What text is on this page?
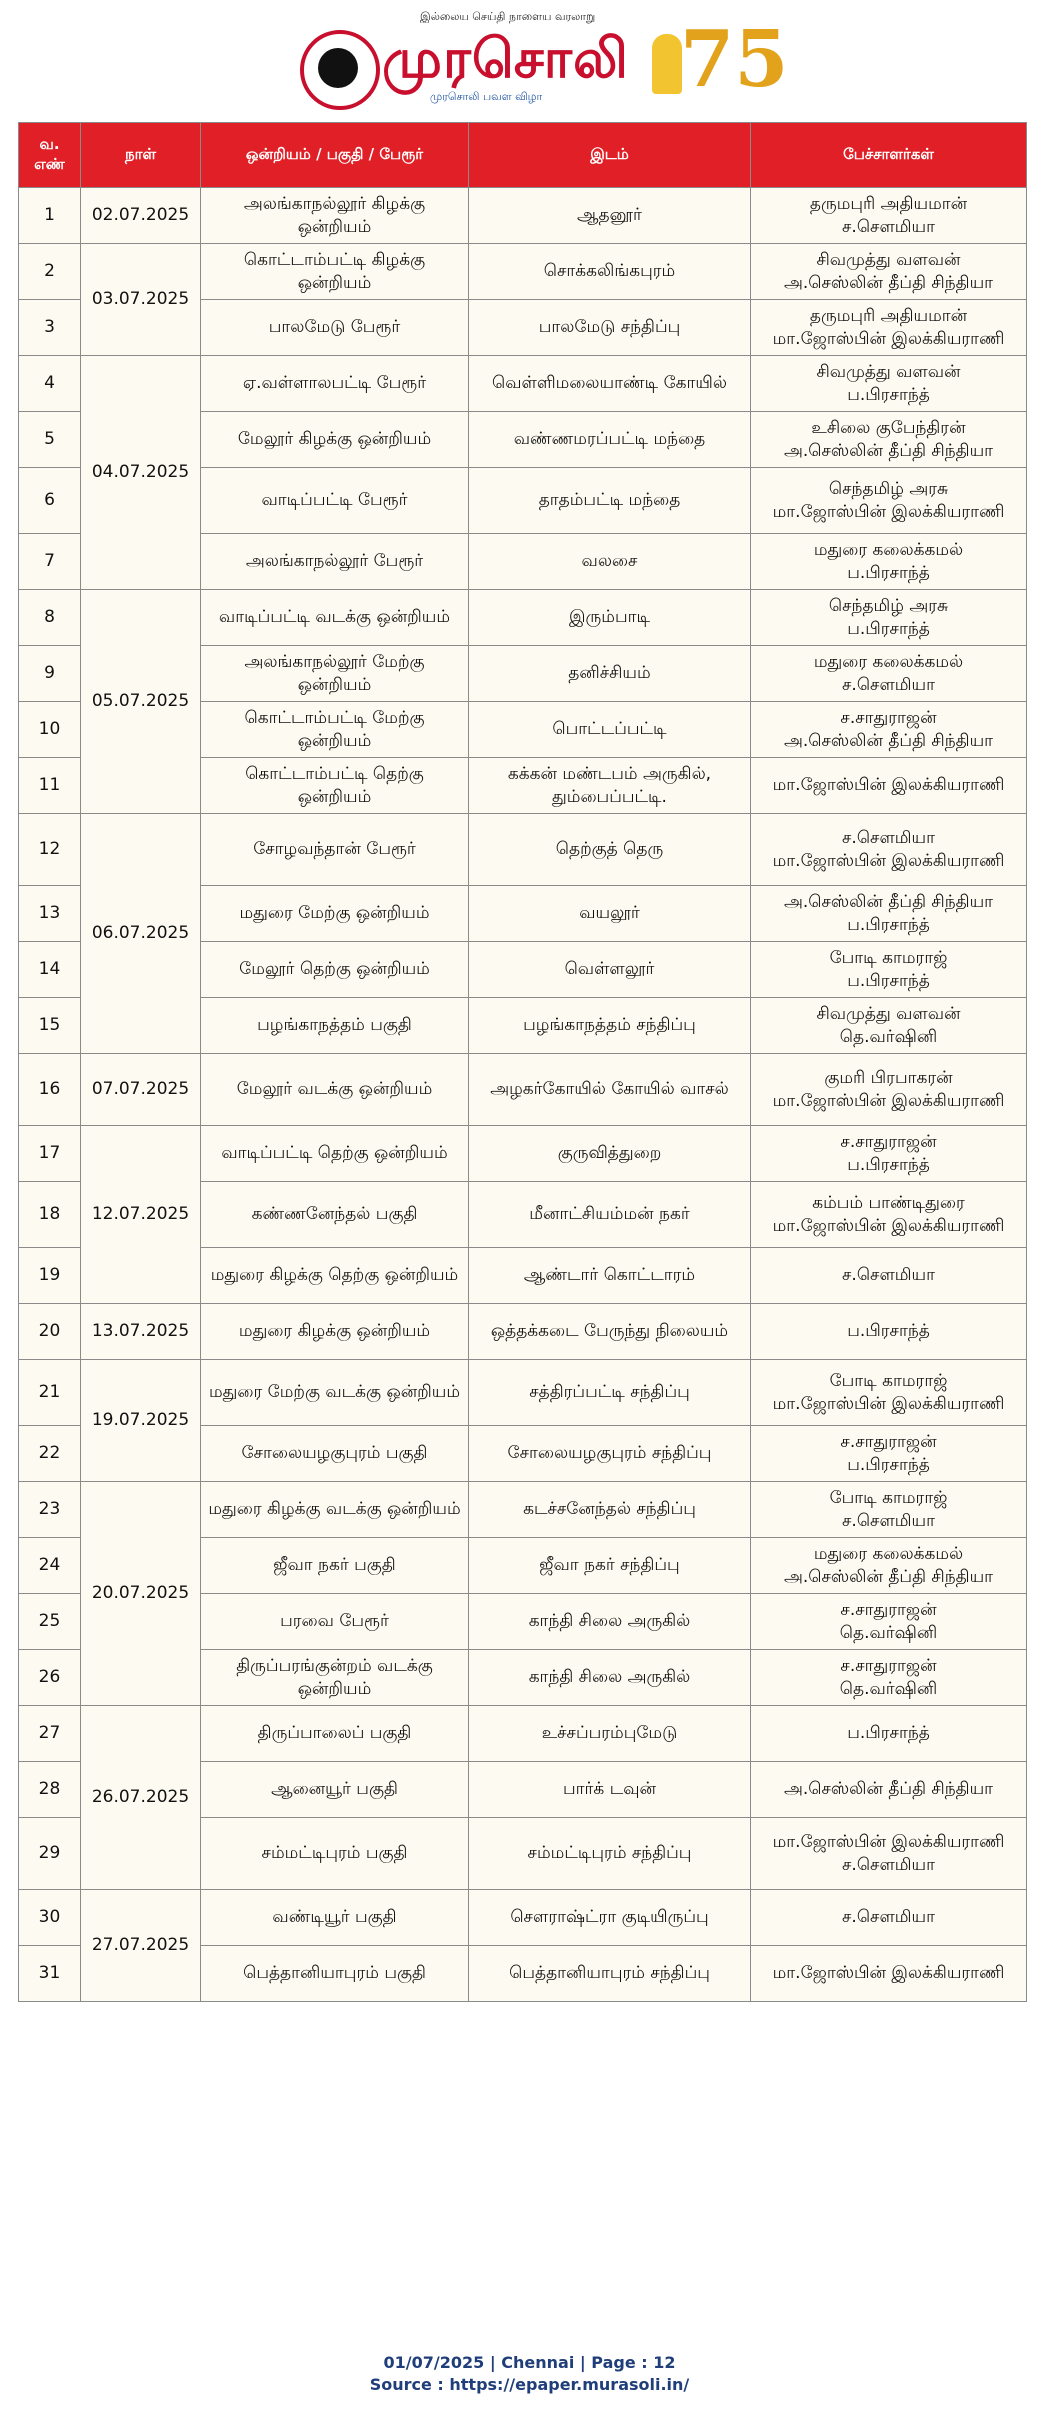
இல்லைய செய்தி நாளைய வரலாறு
முரசொலி
முரசொலி பவள விழா 75
வ. எண்	நாள்	ஒன்றியம் / பகுதி / பேரூர்	இடம்	பேச்சாளர்கள்
1	02.07.2025	அலங்காநல்லூர் கிழக்கு ஒன்றியம்	ஆதனூர்	தருமபுரி அதியமான்
ச.சௌமியா

2	03.07.2025	கொட்டாம்பட்டி கிழக்கு ஒன்றியம்	சொக்கலிங்கபுரம்	சிவமுத்து வளவன்
அ.செஸ்லின் தீப்தி சிந்தியா

3		பாலமேடு பேரூர்	பாலமேடு சந்திப்பு	தருமபுரி அதியமான்
மா.ஜோஸ்பின் இலக்கியராணி

4	04.07.2025	ஏ.வள்ளாலபட்டி பேரூர்	வெள்ளிமலையாண்டி கோயில்	சிவமுத்து வளவன்
ப.பிரசாந்த்

5		மேலூர் கிழக்கு ஒன்றியம்	வண்ணமரப்பட்டி மந்தை	உசிலை குபேந்திரன்
அ.செஸ்லின் தீப்தி சிந்தியா

6		வாடிப்பட்டி பேரூர்	தாதம்பட்டி மந்தை	செந்தமிழ் அரசு
மா.ஜோஸ்பின் இலக்கியராணி

7		அலங்காநல்லூர் பேரூர்	வலசை	மதுரை கலைக்கமல்
ப.பிரசாந்த்

8	05.07.2025	வாடிப்பட்டி வடக்கு ஒன்றியம்	இரும்பாடி	செந்தமிழ் அரசு
ப.பிரசாந்த்

9		அலங்காநல்லூர் மேற்கு ஒன்றியம்	தனிச்சியம்	மதுரை கலைக்கமல்
ச.சௌமியா

10		கொட்டாம்பட்டி மேற்கு ஒன்றியம்	பொட்டப்பட்டி	ச.சாதுராஜன்
அ.செஸ்லின் தீப்தி சிந்தியா

11		கொட்டாம்பட்டி தெற்கு ஒன்றியம்	கக்கன் மண்டபம் அருகில், தும்பைப்பட்டி.	மா.ஜோஸ்பின் இலக்கியராணி

12	06.07.2025	சோழவந்தான் பேரூர்	தெற்குத் தெரு	ச.சௌமியா
மா.ஜோஸ்பின் இலக்கியராணி

13		மதுரை மேற்கு ஒன்றியம்	வயலூர்	அ.செஸ்லின் தீப்தி சிந்தியா
ப.பிரசாந்த்

14		மேலூர் தெற்கு ஒன்றியம்	வெள்ளலூர்	போடி காமராஜ்
ப.பிரசாந்த்

15		பழங்காநத்தம் பகுதி	பழங்காநத்தம் சந்திப்பு	சிவமுத்து வளவன்
தெ.வர்ஷினி

16	07.07.2025	மேலூர் வடக்கு ஒன்றியம்	அழகர்கோயில் கோயில் வாசல்	குமரி பிரபாகரன்
மா.ஜோஸ்பின் இலக்கியராணி

17	12.07.2025	வாடிப்பட்டி தெற்கு ஒன்றியம்	குருவித்துறை	ச.சாதுராஜன்
ப.பிரசாந்த்

18		கண்ணனேந்தல் பகுதி	மீனாட்சியம்மன் நகர்	கம்பம் பாண்டிதுரை
மா.ஜோஸ்பின் இலக்கியராணி

19		மதுரை கிழக்கு தெற்கு ஒன்றியம்	ஆண்டார் கொட்டாரம்	ச.சௌமியா

20	13.07.2025	மதுரை கிழக்கு ஒன்றியம்	ஒத்தக்கடை பேருந்து நிலையம்	ப.பிரசாந்த்

21	19.07.2025	மதுரை மேற்கு வடக்கு ஒன்றியம்	சத்திரப்பட்டி சந்திப்பு	போடி காமராஜ்
மா.ஜோஸ்பின் இலக்கியராணி

22		சோலையழகுபுரம் பகுதி	சோலையழகுபுரம் சந்திப்பு	ச.சாதுராஜன்
ப.பிரசாந்த்

23	20.07.2025	மதுரை கிழக்கு வடக்கு ஒன்றியம்	கடச்சனேந்தல் சந்திப்பு	போடி காமராஜ்
ச.சௌமியா

24		ஜீவா நகர் பகுதி	ஜீவா நகர் சந்திப்பு	மதுரை கலைக்கமல்
அ.செஸ்லின் தீப்தி சிந்தியா

25		பரவை பேரூர்	காந்தி சிலை அருகில்	ச.சாதுராஜன்
தெ.வர்ஷினி

26		திருப்பரங்குன்றம் வடக்கு ஒன்றியம்	காந்தி சிலை அருகில்	ச.சாதுராஜன்
தெ.வர்ஷினி

27	26.07.2025	திருப்பாலைப் பகுதி	உச்சப்பரம்புமேடு	ப.பிரசாந்த்

28		ஆனையூர் பகுதி	பார்க் டவுன்	அ.செஸ்லின் தீப்தி சிந்தியா

29		சம்மட்டிபுரம் பகுதி	சம்மட்டிபுரம் சந்திப்பு	மா.ஜோஸ்பின் இலக்கியராணி
ச.சௌமியா

30	27.07.2025	வண்டியூர் பகுதி	சௌராஷ்ட்ரா குடியிருப்பு	ச.சௌமியா

31		பெத்தானியாபுரம் பகுதி	பெத்தானியாபுரம் சந்திப்பு	மா.ஜோஸ்பின் இலக்கியராணி
01/07/2025 | Chennai | Page : 12
Source : https://epaper.murasoli.in/
